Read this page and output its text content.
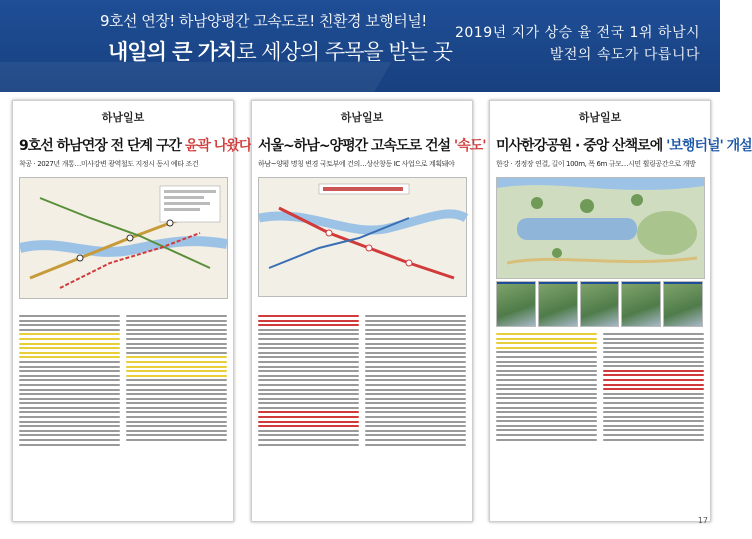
9호선 연장! 하남양평간 고속도로! 친환경 보행터널!
내일의 큰 가치로 세상의 주목을 받는 곳
2019년 지가 상승 율 전국 1위 하남시
발전의 속도가 다릅니다
하남일보
9호선 하남연장 전 단계 구간 윤곽 나왔다
착공 · 2027년 개통…미사강변 광역철도 지정시 동시 예타 조건
하남일보
서울~하남~양평간 고속도로 건설 '속도'
하남~양평 명칭 변경 국토부에 건의…상산창동 IC 사업으로 계획돼야
하남일보
미사한강공원 · 중앙 산책로에 '보행터널' 개설
한강 · 경정장 연결, 길이 100m, 폭 6m 규모…시민 휠링공간으로 개방
17
